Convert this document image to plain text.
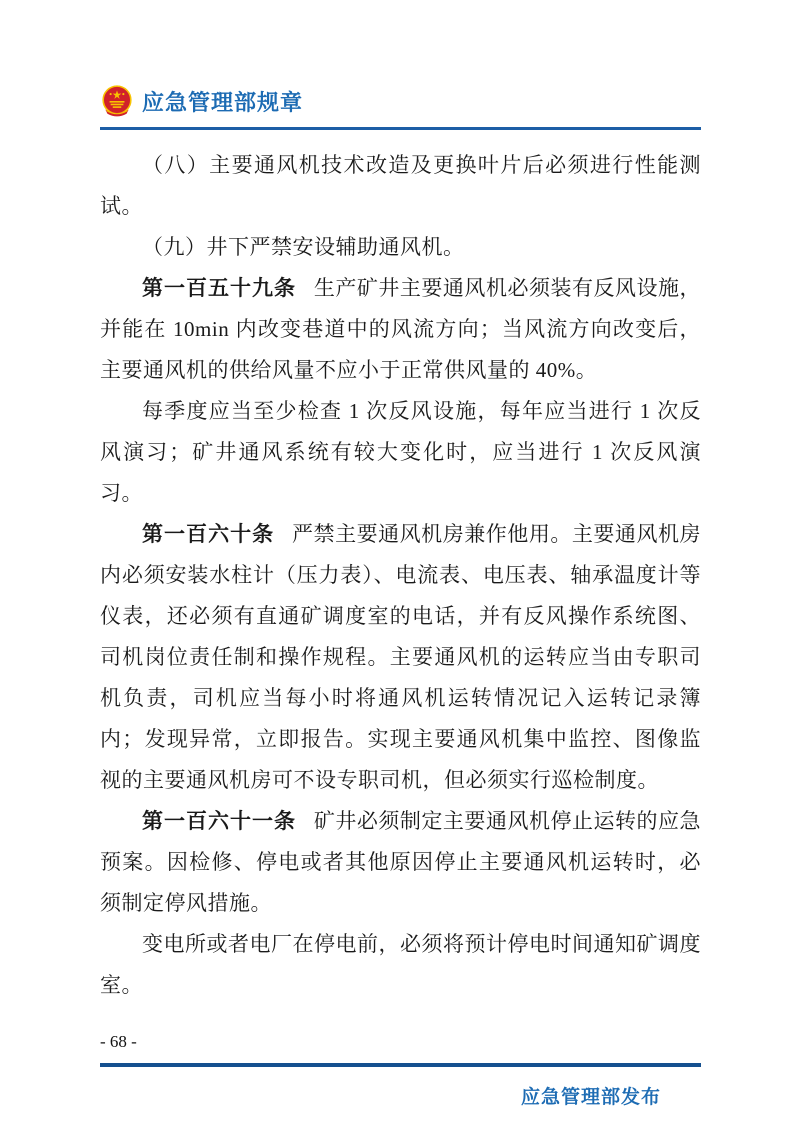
应急管理部规章

（八）主要通风机技术改造及更换叶片后必须进行性能测试。

（九）井下严禁安设辅助通风机。

第一百五十九条 生产矿井主要通风机必须装有反风设施，并能在 10min 内改变巷道中的风流方向；当风流方向改变后，主要通风机的供给风量不应小于正常供风量的 40%。

每季度应当至少检查 1 次反风设施，每年应当进行 1 次反风演习；矿井通风系统有较大变化时，应当进行 1 次反风演习。

第一百六十条 严禁主要通风机房兼作他用。主要通风机房内必须安装水柱计（压力表）、电流表、电压表、轴承温度计等仪表，还必须有直通矿调度室的电话，并有反风操作系统图、司机岗位责任制和操作规程。主要通风机的运转应当由专职司机负责，司机应当每小时将通风机运转情况记入运转记录簿内；发现异常，立即报告。实现主要通风机集中监控、图像监视的主要通风机房可不设专职司机，但必须实行巡检制度。

第一百六十一条 矿井必须制定主要通风机停止运转的应急预案。因检修、停电或者其他原因停止主要通风机运转时，必须制定停风措施。

变电所或者电厂在停电前，必须将预计停电时间通知矿调度室。

- 68 -
应急管理部发布
